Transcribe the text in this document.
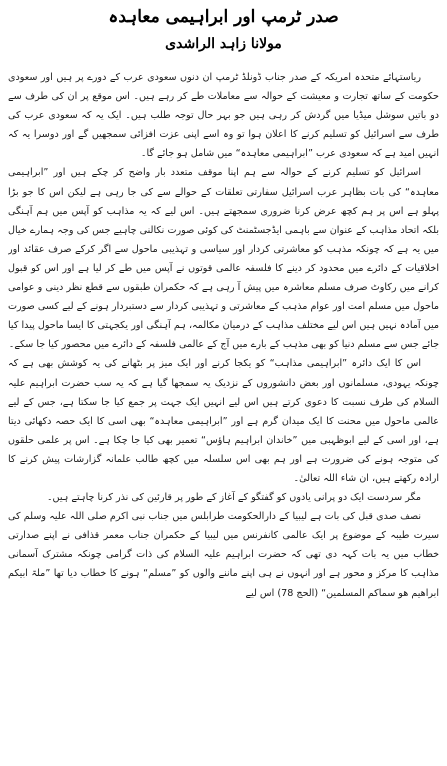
صدر ٹرمپ اور ابراہیمی معاہدہ
مولانا زاہد الراشدی

ریاستہائے متحدہ امریکہ کے صدر جناب ڈونلڈ ٹرمپ ان دنوں سعودی عرب کے دورے پر ہیں اور سعودی حکومت کے ساتھ تجارت و معیشت کے حوالہ سے معاملات طے کر رہے ہیں۔ اس موقع پر ان کی طرف سے دو باتیں سوشل میڈیا میں گردش کر رہی ہیں جو بہر حال توجہ طلب ہیں۔ ایک یہ کہ سعودی عرب کی طرف سے اسرائیل کو تسلیم کرنے کا اعلان ہوا تو وہ اسے اپنی عزت افزائی سمجھیں گے اور دوسرا یہ کہ انہیں امید ہے کہ سعودی عرب ”ابراہیمی معاہدہ“ میں شامل ہو جائے گا۔

اسرائیل کو تسلیم کرنے کے حوالہ سے ہم اپنا موقف متعدد بار واضح کر چکے ہیں اور ”ابراہیمی معاہدہ“ کی بات بظاہر عرب اسرائیل سفارتی تعلقات کے حوالے سے کی جا رہی ہے لیکن اس کا جو بڑا پہلو ہے اس پر ہم کچھ عرض کرنا ضروری سمجھتے ہیں۔ اس لیے کہ یہ مذاہب کو آپس میں ہم آہنگی بلکہ اتحاد مذاہب کے عنوان سے باہمی ایڈجسٹمنٹ کی کوئی صورت نکالنی چاہیے جس کی وجہ ہمارے خیال میں یہ ہے کہ چونکہ مذہب کو معاشرتی کردار اور سیاسی و تہذیبی ماحول سے اگر کرکے صرف عقائد اور اخلاقیات کے دائرے میں محدود کر دینے کا فلسفہ عالمی قوتوں نے آپس میں طے کر لیا ہے اور اس کو قبول کرانے میں رکاوٹ صرف مسلم معاشرہ میں پیش آ رہی ہے کہ حکمران طبقوں سے قطع نظر دینی و عوامی ماحول میں مسلم امت اور عوام مذہب کے معاشرتی و تہذیبی کردار سے دستبردار ہونے کے لیے کسی صورت میں آمادہ نہیں ہیں اس لیے مختلف مذاہب کے درمیان مکالمہ، ہم آہنگی اور یکجہتی کا ایسا ماحول پیدا کیا جائے جس سے مسلم دنیا کو بھی مذہب کے بارے میں آج کے عالمی فلسفہ کے دائرے میں محصور کیا جا سکے۔

اس کا ایک دائرہ ”ابراہیمی مذاہب“ کو یکجا کرنے اور ایک میز پر بٹھانے کی یہ کوشش بھی ہے کہ چونکہ یہودی، مسلمانوں اور بعض دانشوروں کے نزدیک یہ سمجھا گیا ہے کہ یہ سب حضرت ابراہیم علیہ السلام کی طرف نسبت کا دعوی کرتے ہیں اس لیے انہیں ایک جہت پر جمع کیا جا سکتا ہے، جس کے لیے عالمی ماحول میں محنت کا ایک میدان گرم ہے اور ”ابراہیمی معاہدہ“ بھی اسی کا ایک حصہ دکھائی دیتا ہے، اور اسی کے لیے ابوظہبی میں ”خاندان ابراہیم ہاؤس“ تعمیر بھی کیا جا چکا ہے۔ اس پر علمی حلقوں کی متوجہ ہونے کی ضرورت ہے اور ہم بھی اس سلسلہ میں کچھ طالب علمانہ گزارشات پیش کرنے کا ارادہ رکھتے ہیں، ان شاء اللہ تعالیٰ۔

مگر سردست ایک دو پرانی یادوں کو گفتگو کے آغاز کے طور پر قارئین کی نذر کرنا چاہتے ہیں۔

نصف صدی قبل کی بات ہے لیبیا کے دارالحکومت طرابلس میں جناب نبی اکرم صلی اللہ علیہ وسلم کی سیرت طیبہ کے موضوع پر ایک عالمی کانفرنس میں لیبیا کے حکمران جناب معمر قذافی نے اپنے صدارتی خطاب میں یہ بات کہہ دی تھی کہ حضرت ابراہیم علیہ السلام کی ذات گرامی چونکہ مشترک آسمانی مذاہب کا مرکز و محور ہے اور انہوں نے ہی اپنے ماننے والوں کو ”مسلم“ ہونے کا خطاب دیا تھا ”ملۃ ابیکم ابراھیم ھو سماکم المسلمین“ (الحج 78) اس لیے
